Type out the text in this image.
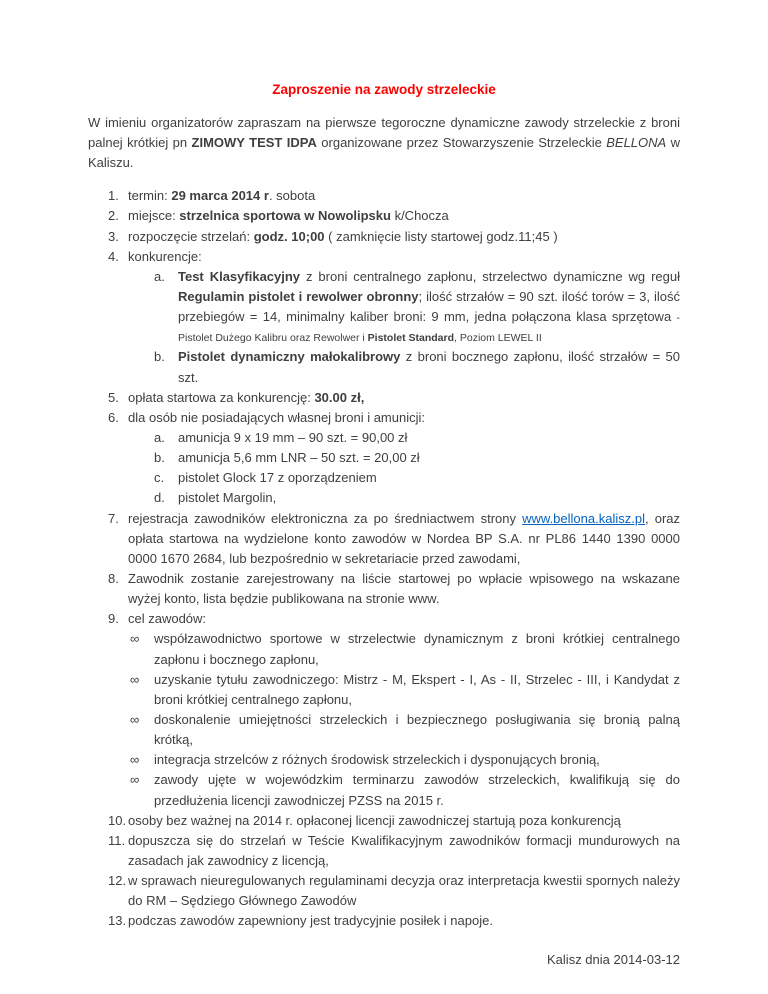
Zaproszenie na zawody strzeleckie

W imieniu organizatorów zapraszam na pierwsze tegoroczne dynamiczne zawody strzeleckie z broni palnej krótkiej pn ZIMOWY TEST IDPA organizowane przez Stowarzyszenie Strzeleckie BELLONA w Kaliszu.

1. termin: 29 marca 2014 r. sobota
2. miejsce: strzelnica sportowa w Nowolipsku k/Chocza
3. rozpoczęcie strzelań: godz. 10;00 ( zamknięcie listy startowej godz.11;45 )
4. konkurencje:
a.	Test Klasyfikacyjny z broni centralnego zapłonu, strzelectwo dynamiczne wg reguł Regulamin pistolet i rewolwer obronny; ilość strzałów = 90 szt. ilość torów = 3, ilość przebiegów = 14, minimalny kaliber broni: 9 mm, jedna połączona klasa sprzętowa - Pistolet Dużego Kalibru oraz Rewolwer i Pistolet Standard, Poziom LEWEL II
b.	Pistolet dynamiczny małokalibrowy z broni bocznego zapłonu, ilość strzałów = 50 szt.
5. opłata startowa za konkurencję: 30.00 zł,
6. dla osób nie posiadających własnej broni i amunicji:
a.	amunicja 9 x 19 mm – 90 szt. = 90,00 zł
b.	amunicja 5,6 mm LNR – 50 szt. = 20,00 zł
c.	pistolet Glock 17 z oporządzeniem
d.	pistolet Margolin,
7. rejestracja zawodników elektroniczna za po średniactwem strony www.bellona.kalisz.pl, oraz opłata startowa na wydzielone konto zawodów w Nordea BP S.A. nr PL86 1440 1390 0000 0000 1670 2684, lub bezpośrednio w sekretariacie przed zawodami,
8. Zawodnik zostanie zarejestrowany na liście startowej po wpłacie wpisowego na wskazane wyżej konto, lista będzie publikowana na stronie www.
9. cel zawodów:
∞	współzawodnictwo sportowe w strzelectwie dynamicznym z broni krótkiej centralnego zapłonu i bocznego zapłonu,
∞	uzyskanie tytułu zawodniczego: Mistrz - M, Ekspert - I, As - II, Strzelec - III, i Kandydat z broni krótkiej centralnego zapłonu,
∞	doskonalenie umiejętności strzeleckich i bezpiecznego posługiwania się bronią palną krótką,
∞	integracja strzelców z różnych środowisk strzeleckich i dysponujących bronią,
∞	zawody ujęte w wojewódzkim terminarzu zawodów strzeleckich, kwalifikują się do przedłużenia licencji zawodniczej PZSS na 2015 r.
10. osoby bez ważnej na 2014 r. opłaconej licencji zawodniczej startują poza konkurencją
11. dopuszcza się do strzelań w Teście Kwalifikacyjnym zawodników formacji mundurowych na zasadach jak zawodnicy z licencją,
12. w sprawach nieuregulowanych regulaminami decyzja oraz interpretacja kwestii spornych należy do RM – Sędziego Głównego Zawodów
13. podczas zawodów zapewniony jest tradycyjnie posiłek i napoje.

Kalisz dnia 2014-03-12
